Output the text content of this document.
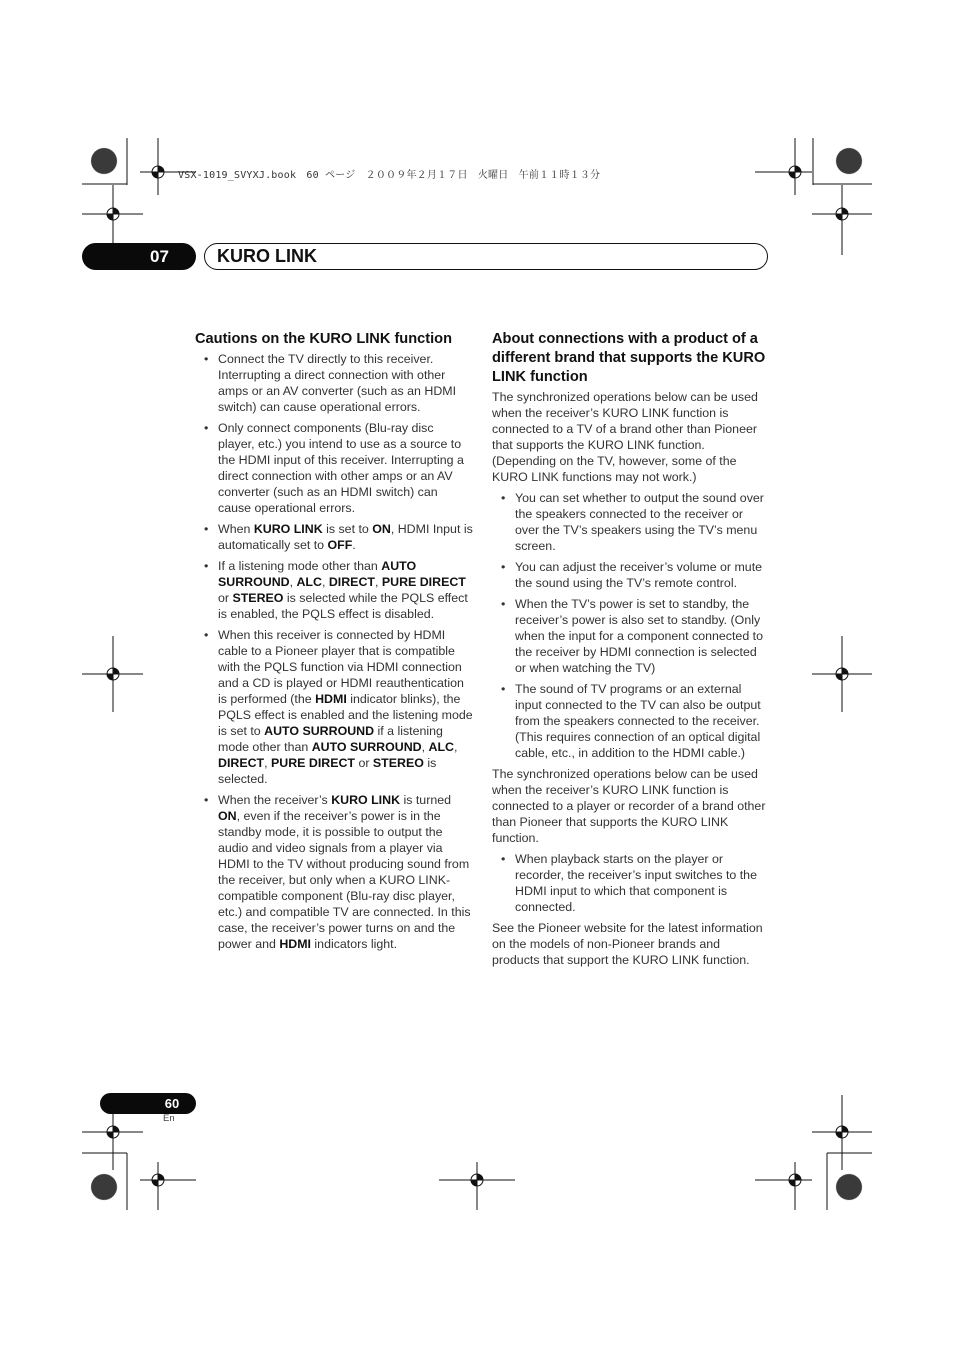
VSX-1019_SVYXJ.book　60 ページ　２００９年２月１７日　火曜日　午前１１時１３分
07	KURO LINK
Cautions on the KURO LINK function
• Connect the TV directly to this receiver. Interrupting a direct connection with other amps or an AV converter (such as an HDMI switch) can cause operational errors.
• Only connect components (Blu-ray disc player, etc.) you intend to use as a source to the HDMI input of this receiver. Interrupting a direct connection with other amps or an AV converter (such as an HDMI switch) can cause operational errors.
• When KURO LINK is set to ON, HDMI Input is automatically set to OFF.
• If a listening mode other than AUTO SURROUND, ALC, DIRECT, PURE DIRECT or STEREO is selected while the PQLS effect is enabled, the PQLS effect is disabled.
• When this receiver is connected by HDMI cable to a Pioneer player that is compatible with the PQLS function via HDMI connection and a CD is played or HDMI reauthentication is performed (the HDMI indicator blinks), the PQLS effect is enabled and the listening mode is set to AUTO SURROUND if a listening mode other than AUTO SURROUND, ALC, DIRECT, PURE DIRECT or STEREO is selected.
• When the receiver’s KURO LINK is turned ON, even if the receiver’s power is in the standby mode, it is possible to output the audio and video signals from a player via HDMI to the TV without producing sound from the receiver, but only when a KURO LINK-compatible component (Blu-ray disc player, etc.) and compatible TV are connected. In this case, the receiver’s power turns on and the power and HDMI indicators light.
About connections with a product of a different brand that supports the KURO LINK function

The synchronized operations below can be used when the receiver’s KURO LINK function is connected to a TV of a brand other than Pioneer that supports the KURO LINK function. (Depending on the TV, however, some of the KURO LINK functions may not work.)

• You can set whether to output the sound over the speakers connected to the receiver or over the TV’s speakers using the TV’s menu screen.
• You can adjust the receiver’s volume or mute the sound using the TV’s remote control.
• When the TV’s power is set to standby, the receiver’s power is also set to standby. (Only when the input for a component connected to the receiver by HDMI connection is selected or when watching the TV)
• The sound of TV programs or an external input connected to the TV can also be output from the speakers connected to the receiver. (This requires connection of an optical digital cable, etc., in addition to the HDMI cable.)

The synchronized operations below can be used when the receiver’s KURO LINK function is connected to a player or recorder of a brand other than Pioneer that supports the KURO LINK function.

• When playback starts on the player or recorder, the receiver’s input switches to the HDMI input to which that component is connected.

See the Pioneer website for the latest information on the models of non-Pioneer brands and products that support the KURO LINK function.

60
En
